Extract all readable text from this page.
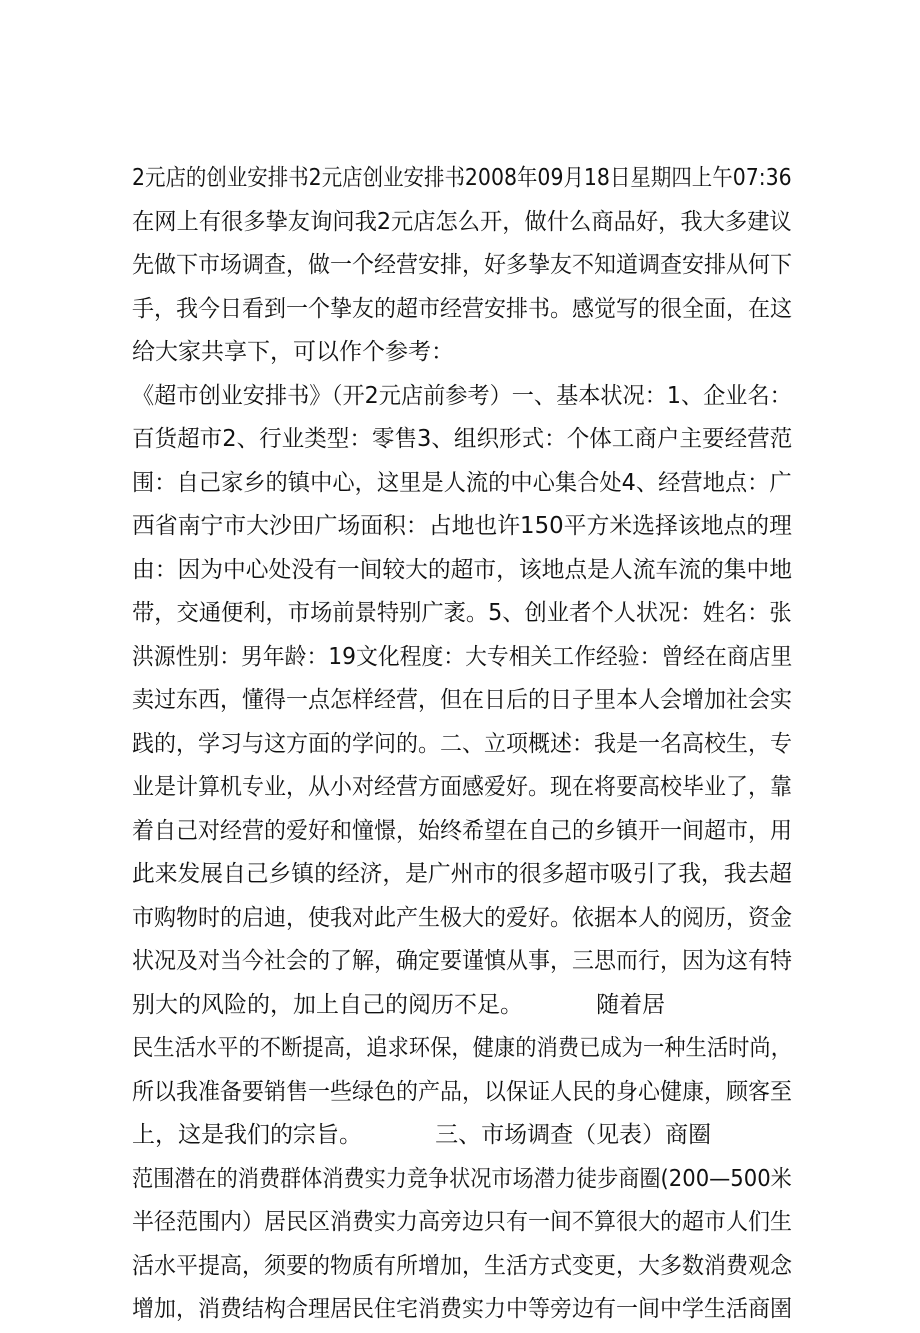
2元店的创业安排书2元店创业安排书2008年09月18日星期四上午07:36
在网上有很多挚友询问我2元店怎么开，做什么商品好，我大多建议
先做下市场调查，做一个经营安排，好多挚友不知道调查安排从何下
手，我今日看到一个挚友的超市经营安排书。感觉写的很全面，在这
给大家共享下，可以作个参考：
《超市创业安排书》（开2元店前参考）一、基本状况：1、企业名：
百货超市2、行业类型：零售3、组织形式：个体工商户主要经营范
围：自己家乡的镇中心，这里是人流的中心集合处4、经营地点：广
西省南宁市大沙田广场面积：占地也许150平方米选择该地点的理
由：因为中心处没有一间较大的超市，该地点是人流车流的集中地
带，交通便利，市场前景特别广袤。5、创业者个人状况：姓名：张
洪源性别：男年龄：19文化程度：大专相关工作经验：曾经在商店里
卖过东西，懂得一点怎样经营，但在日后的日子里本人会增加社会实
践的，学习与这方面的学问的。二、立项概述：我是一名高校生，专
业是计算机专业，从小对经营方面感爱好。现在将要高校毕业了，靠
着自己对经营的爱好和憧憬，始终希望在自己的乡镇开一间超市，用
此来发展自己乡镇的经济，是广州市的很多超市吸引了我，我去超
市购物时的启迪，使我对此产生极大的爱好。依据本人的阅历，资金
状况及对当今社会的了解，确定要谨慎从事，三思而行，因为这有特
别大的风险的，加上自己的阅历不足。          随着居
民生活水平的不断提高，追求环保，健康的消费已成为一种生活时尚，
所以我准备要销售一些绿色的产品，以保证人民的身心健康，顾客至
上，这是我们的宗旨。          三、市场调查（见表）商圈
范围潜在的消费群体消费实力竞争状况市场潜力徒步商圈(200—500米
半径范围内）居民区消费实力高旁边只有一间不算很大的超市人们生
活水平提高，须要的物质有所增加，生活方式变更，大多数消费观念
增加，消费结构合理居民住宅消费实力中等旁边有一间中学生活商圉
